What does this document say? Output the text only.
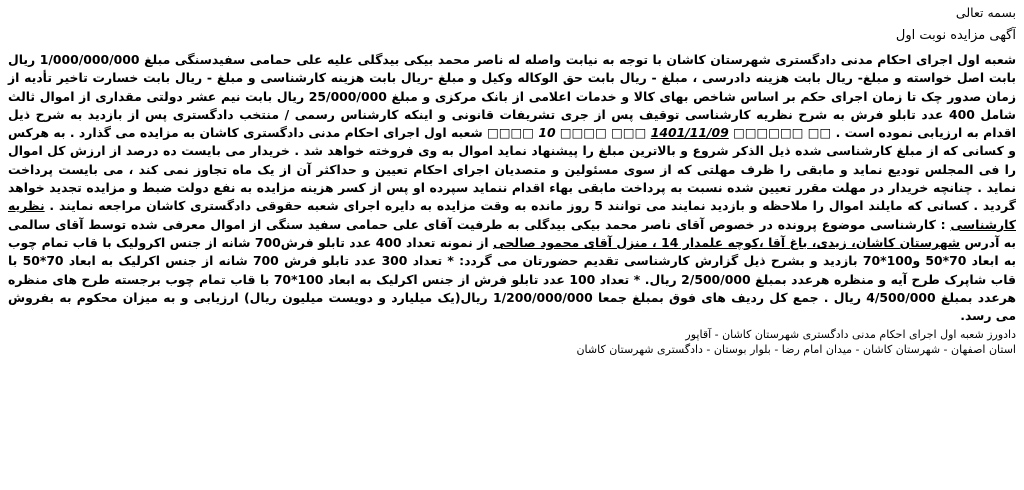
بسمه تعالی
آگهی مزایده نوبت اول
شعبه اول اجرای احکام مدنی دادگستری شهرستان کاشان با توجه به نیابت واصله له ناصر محمد بیکی بیدگلی علیه علی حمامی سفیدسنگی مبلغ 1/000/000/000 ریال بابت اصل خواسته و مبلغ- ریال بابت هزینه دادرسی ، مبلغ - ریال بابت حق الوکاله وکیل و مبلغ -ریال بابت هزینه کارشناسی و مبلغ - ریال بابت خسارت تاخیر تأدیه از زمان صدور چک تا زمان اجرای حکم بر اساس شاخص بهای کالا و خدمات اعلامی از بانک مرکزی و مبلغ 25/000/000 ریال بابت نیم عشر دولتی مقداری از اموال ثالث شامل 400 عدد تابلو فرش به شرح نظریه کارشناسی توقیف پس از جری تشریفات قانونی و اینکه کارشناس رسمی / منتخب دادگستری پس از بازدید به شرح ذیل اقدام به ارزیابی نموده است . □□ □□□□□□ 1401/11/09 □□□ □□□□ 10 □□□□ شعبه اول اجرای احکام مدنی دادگستری کاشان به مزایده می گذارد . به هرکس و کسانی که از مبلغ کارشناسی شده ذیل الذکر شروع و بالاترین مبلغ را پیشنهاد نماید اموال به وی فروخته خواهد شد . خریدار می بایست ده درصد از ارزش کل اموال را فی المجلس تودیع نماید و مابقی را ظرف مهلتی که از سوی مسئولین و متصدیان اجرای احکام تعیین و حداکثر آن از یک ماه تجاوز نمی کند ، می بایست پرداخت نماید . چنانچه خریدار در مهلت مقرر تعیین شده نسبت به پرداخت مابقی بهاء اقدام ننماید سپرده او پس از کسر هزینه مزایده به نفع دولت ضبط و مزایده تجدید خواهد گردید . کسانی که مایلند اموال را ملاحظه و بازدید نمایند می توانند 5 روز مانده به وقت مزایده به دایره اجرای شعبه حقوقی دادگستری کاشان مراجعه نمایند . نظریه کارشناسی : کارشناسی موضوع پرونده در خصوص آقای ناصر محمد بیکی بیدگلی به طرفیت آقای علی حمامی سفید سنگی از اموال معرفی شده توسط آقای سالمی به آدرس شهرستان کاشان، زیدی، باغ آقا ،کوچه علمدار 14 ، منزل آقای محمود صالحی از نمونه تعداد 400 عدد تابلو فرش700 شانه از جنس اکرولیک با قاب تمام چوب به ابعاد 70*50 و100*70 بازدید و بشرح ذیل گزارش کارشناسی تقدیم حضورتان می گردد: * تعداد 300 عدد تابلو فرش 700 شانه از جنس اکرلیک به ابعاد 70*50 با قاب شاپرک طرح آیه و منظره هرعدد بمبلغ 2/500/000 ریال. * تعداد 100 عدد تابلو فرش از جنس اکرلیک به ابعاد 100*70 با قاب تمام چوب برجسته طرح های منظره هرعدد بمبلغ 4/500/000 ریال . جمع کل ردیف های فوق بمبلغ جمعا 1/200/000/000 ریال(یک میلیارد و دویست میلیون ریال) ارزیابی و به میزان محکوم به بفروش می رسد.
دادورز شعبه اول اجرای احکام مدنی دادگستری شهرستان کاشان - آقاپور
استان اصفهان - شهرستان کاشان - میدان امام رضا - بلوار بوستان - دادگستری شهرستان کاشان
